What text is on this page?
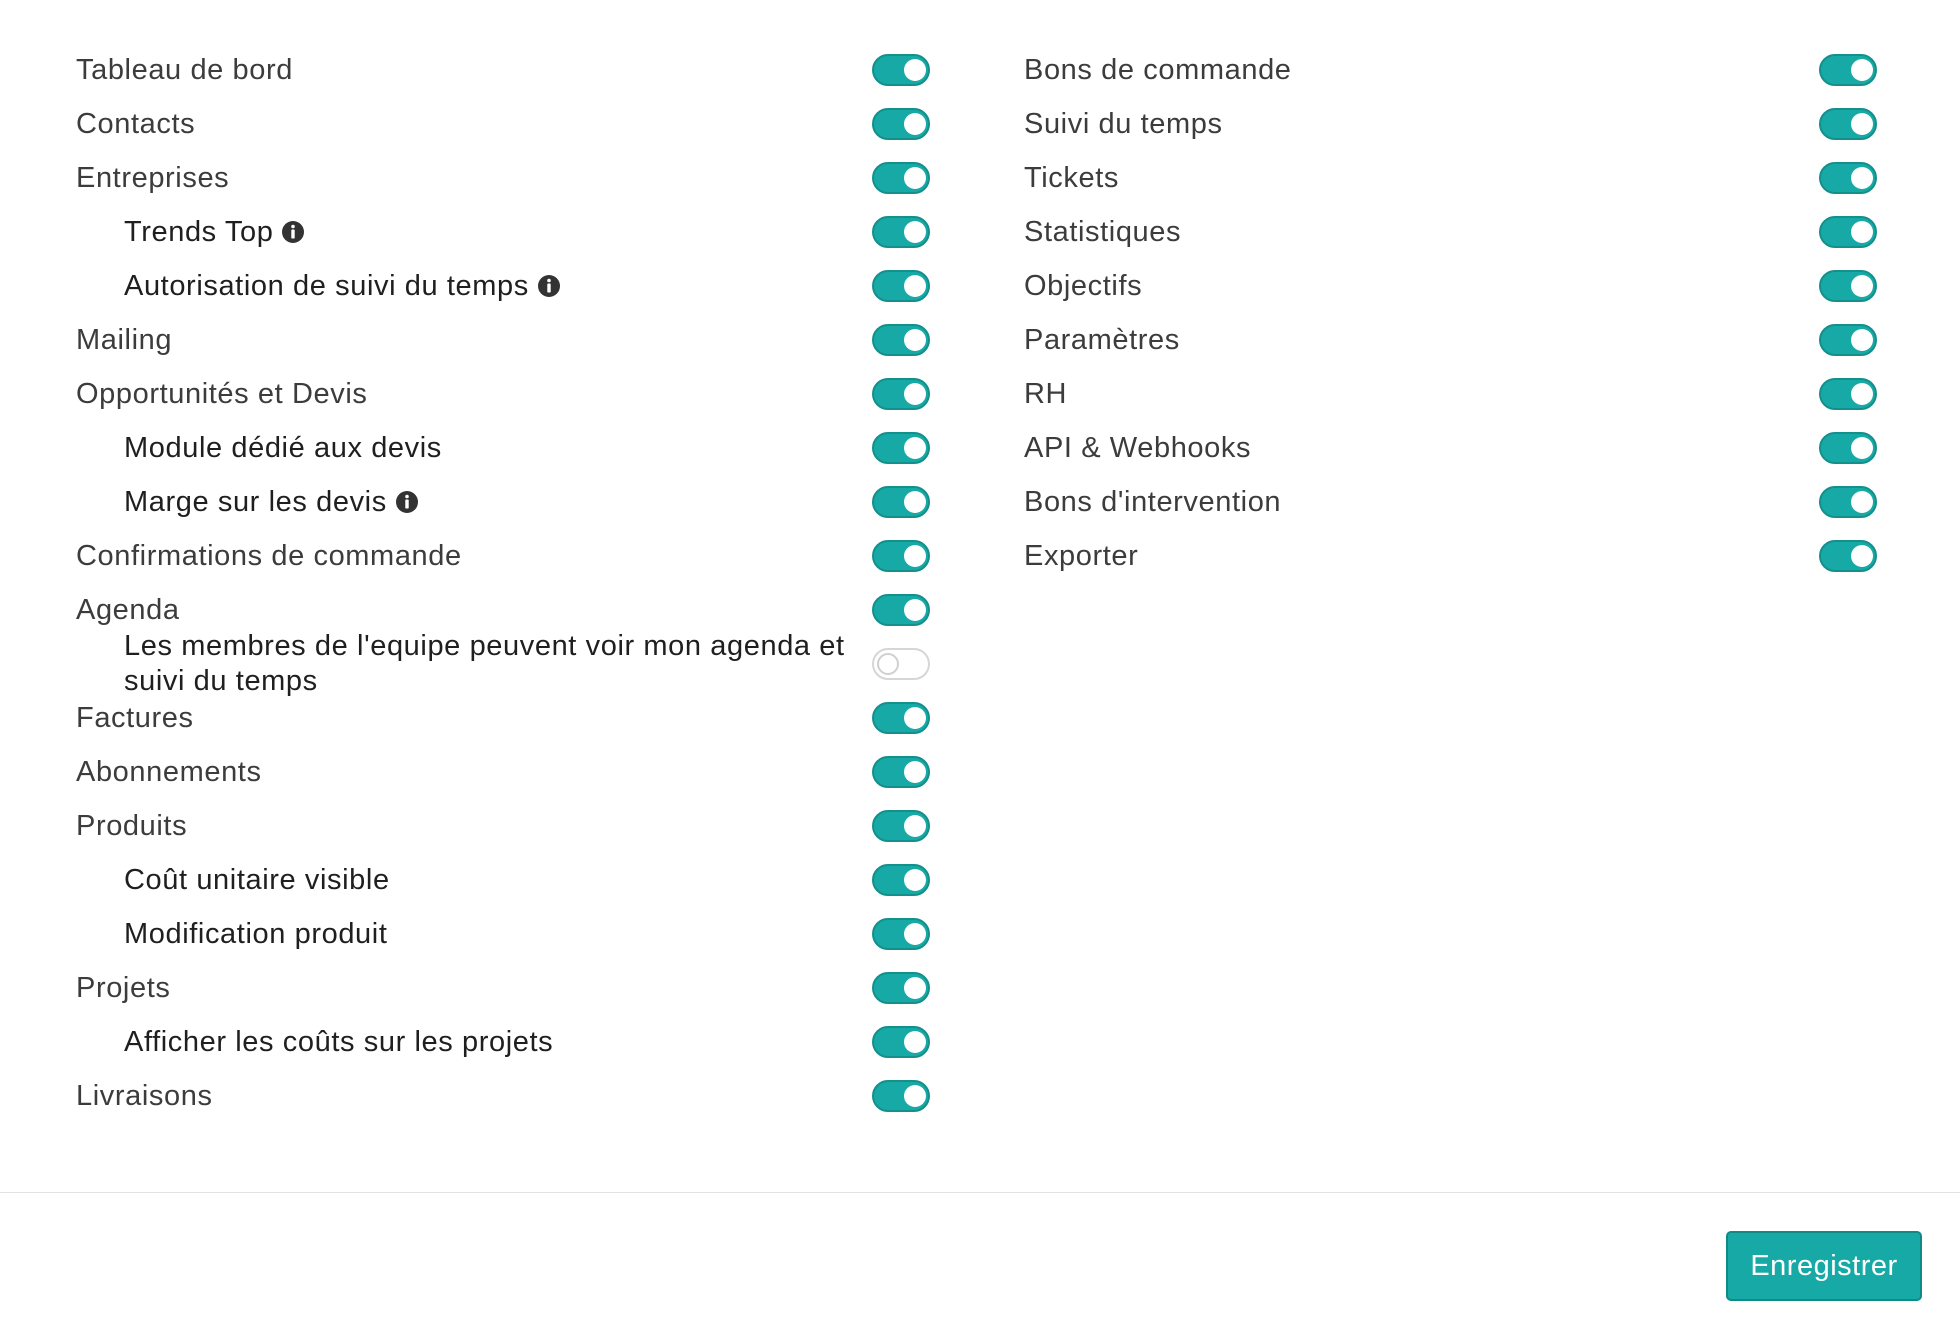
Tableau de bord
Contacts
Entreprises
Trends Top
Autorisation de suivi du temps
Mailing
Opportunités et Devis
Module dédié aux devis
Marge sur les devis
Confirmations de commande
Agenda
Les membres de l'equipe peuvent voir mon agenda et suivi du temps
Factures
Abonnements
Produits
Coût unitaire visible
Modification produit
Projets
Afficher les coûts sur les projets
Livraisons
Bons de commande
Suivi du temps
Tickets
Statistiques
Objectifs
Paramètres
RH
API & Webhooks
Bons d'intervention
Exporter
Enregistrer
